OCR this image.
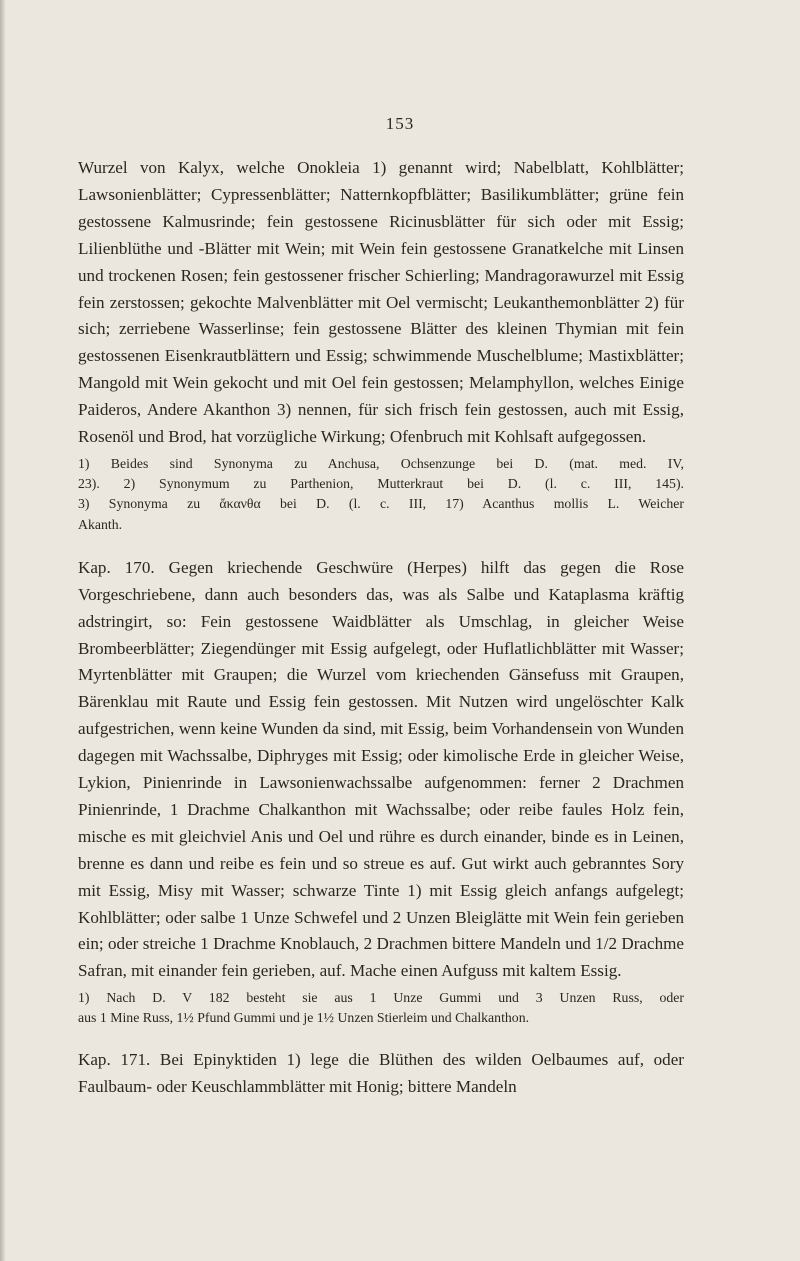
153

Wurzel von Kalyx, welche Onokleia 1) genannt wird; Nabelblatt, Kohlblätter; Lawsonienblätter; Cypressenblätter; Natternkopfblätter; Basilikumblätter; grüne fein gestossene Kalmusrinde; fein gestossene Ricinusblätter für sich oder mit Essig; Lilienblüthe und -Blätter mit Wein; mit Wein fein gestossene Granatkelche mit Linsen und trockenen Rosen; fein gestossener frischer Schierling; Mandragorawurzel mit Essig fein zerstossen; gekochte Malvenblätter mit Oel vermischt; Leukanthemonblätter 2) für sich; zerriebene Wasserlinse; fein gestossene Blätter des kleinen Thymian mit fein gestossenen Eisenkrautblättern und Essig; schwimmende Muschelblume; Mastixblätter; Mangold mit Wein gekocht und mit Oel fein gestossen; Melamphyllon, welches Einige Paideros, Andere Akanthon 3) nennen, für sich frisch fein gestossen, auch mit Essig, Rosenöl und Brod, hat vorzügliche Wirkung; Ofenbruch mit Kohlsaft aufgegossen.

1) Beides sind Synonyma zu Anchusa, Ochsenzunge bei D. (mat. med. IV,
23). 2) Synonymum zu Parthenion, Mutterkraut bei D. (l. c. III, 145).
3) Synonyma zu ἄκανθα bei D. (l. c. III, 17) Acanthus mollis L. Weicher
Akanth.

Kap. 170. Gegen kriechende Geschwüre (Herpes) hilft das gegen die Rose Vorgeschriebene, dann auch besonders das, was als Salbe und Kataplasma kräftig adstringirt, so: Fein gestossene Waidblätter als Umschlag, in gleicher Weise Brombeerblätter; Ziegendünger mit Essig aufgelegt, oder Huflatlichblätter mit Wasser; Myrtenblätter mit Graupen; die Wurzel vom kriechenden Gänsefuss mit Graupen, Bärenklau mit Raute und Essig fein gestossen. Mit Nutzen wird ungelöschter Kalk aufgestrichen, wenn keine Wunden da sind, mit Essig, beim Vorhandensein von Wunden dagegen mit Wachssalbe, Diphryges mit Essig; oder kimolische Erde in gleicher Weise, Lykion, Pinienrinde in Lawsonienwachssalbe aufgenommen: ferner 2 Drachmen Pinienrinde, 1 Drachme Chalkanthon mit Wachssalbe; oder reibe faules Holz fein, mische es mit gleichviel Anis und Oel und rühre es durch einander, binde es in Leinen, brenne es dann und reibe es fein und so streue es auf. Gut wirkt auch gebranntes Sory mit Essig, Misy mit Wasser; schwarze Tinte 1) mit Essig gleich anfangs aufgelegt; Kohlblätter; oder salbe 1 Unze Schwefel und 2 Unzen Bleiglätte mit Wein fein gerieben ein; oder streiche 1 Drachme Knoblauch, 2 Drachmen bittere Mandeln und 1/2 Drachme Safran, mit einander fein gerieben, auf. Mache einen Aufguss mit kaltem Essig.

1) Nach D. V 182 besteht sie aus 1 Unze Gummi und 3 Unzen Russ, oder
aus 1 Mine Russ, 1½ Pfund Gummi und je 1½ Unzen Stierleim und Chalkanthon.

Kap. 171. Bei Epinyktiden 1) lege die Blüthen des wilden Oelbaumes auf, oder Faulbaum- oder Keuschlammblätter mit Honig; bittere Mandeln
